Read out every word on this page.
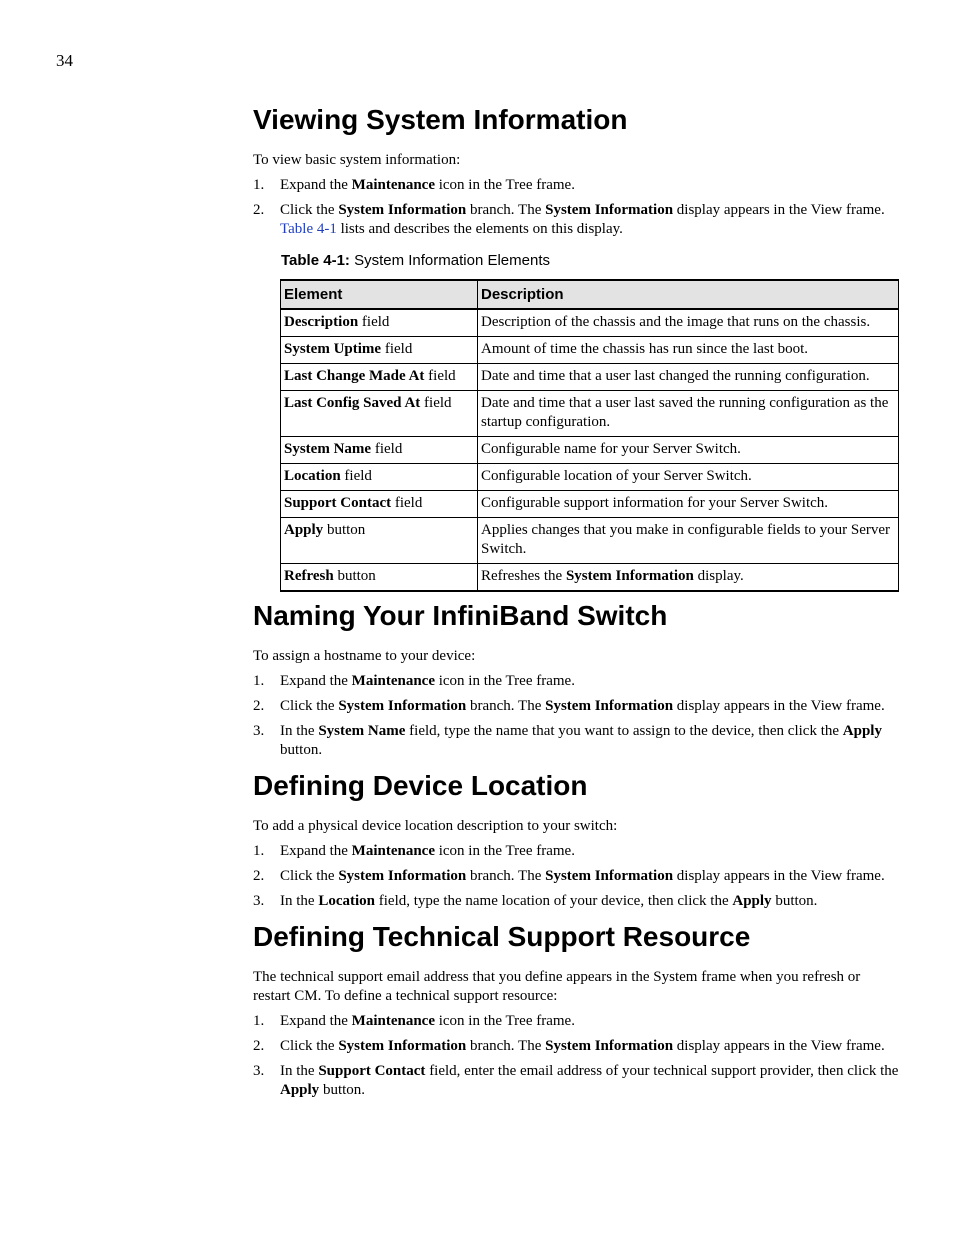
34
Viewing System Information

To view basic system information:

1. Expand the Maintenance icon in the Tree frame.
2. Click the System Information branch. The System Information display appears in the View frame. Table 4-1 lists and describes the elements on this display.
Table 4-1: System Information Elements
Element	Description
Description field	Description of the chassis and the image that runs on the chassis.
System Uptime field	Amount of time the chassis has run since the last boot.
Last Change Made At field	Date and time that a user last changed the running configuration.
Last Config Saved At field	Date and time that a user last saved the running configuration as the startup configuration.
System Name field	Configurable name for your Server Switch.
Location field	Configurable location of your Server Switch.
Support Contact field	Configurable support information for your Server Switch.
Apply button	Applies changes that you make in configurable fields to your Server Switch.
Refresh button	Refreshes the System Information display.
Naming Your InfiniBand Switch

To assign a hostname to your device:

1. Expand the Maintenance icon in the Tree frame.
2. Click the System Information branch. The System Information display appears in the View frame.
3. In the System Name field, type the name that you want to assign to the device, then click the Apply button.
Defining Device Location

To add a physical device location description to your switch:

1. Expand the Maintenance icon in the Tree frame.
2. Click the System Information branch. The System Information display appears in the View frame.
3. In the Location field, type the name location of your device, then click the Apply button.
Defining Technical Support Resource

The technical support email address that you define appears in the System frame when you refresh or restart CM. To define a technical support resource:

1. Expand the Maintenance icon in the Tree frame.
2. Click the System Information branch. The System Information display appears in the View frame.
3. In the Support Contact field, enter the email address of your technical support provider, then click the Apply button.
